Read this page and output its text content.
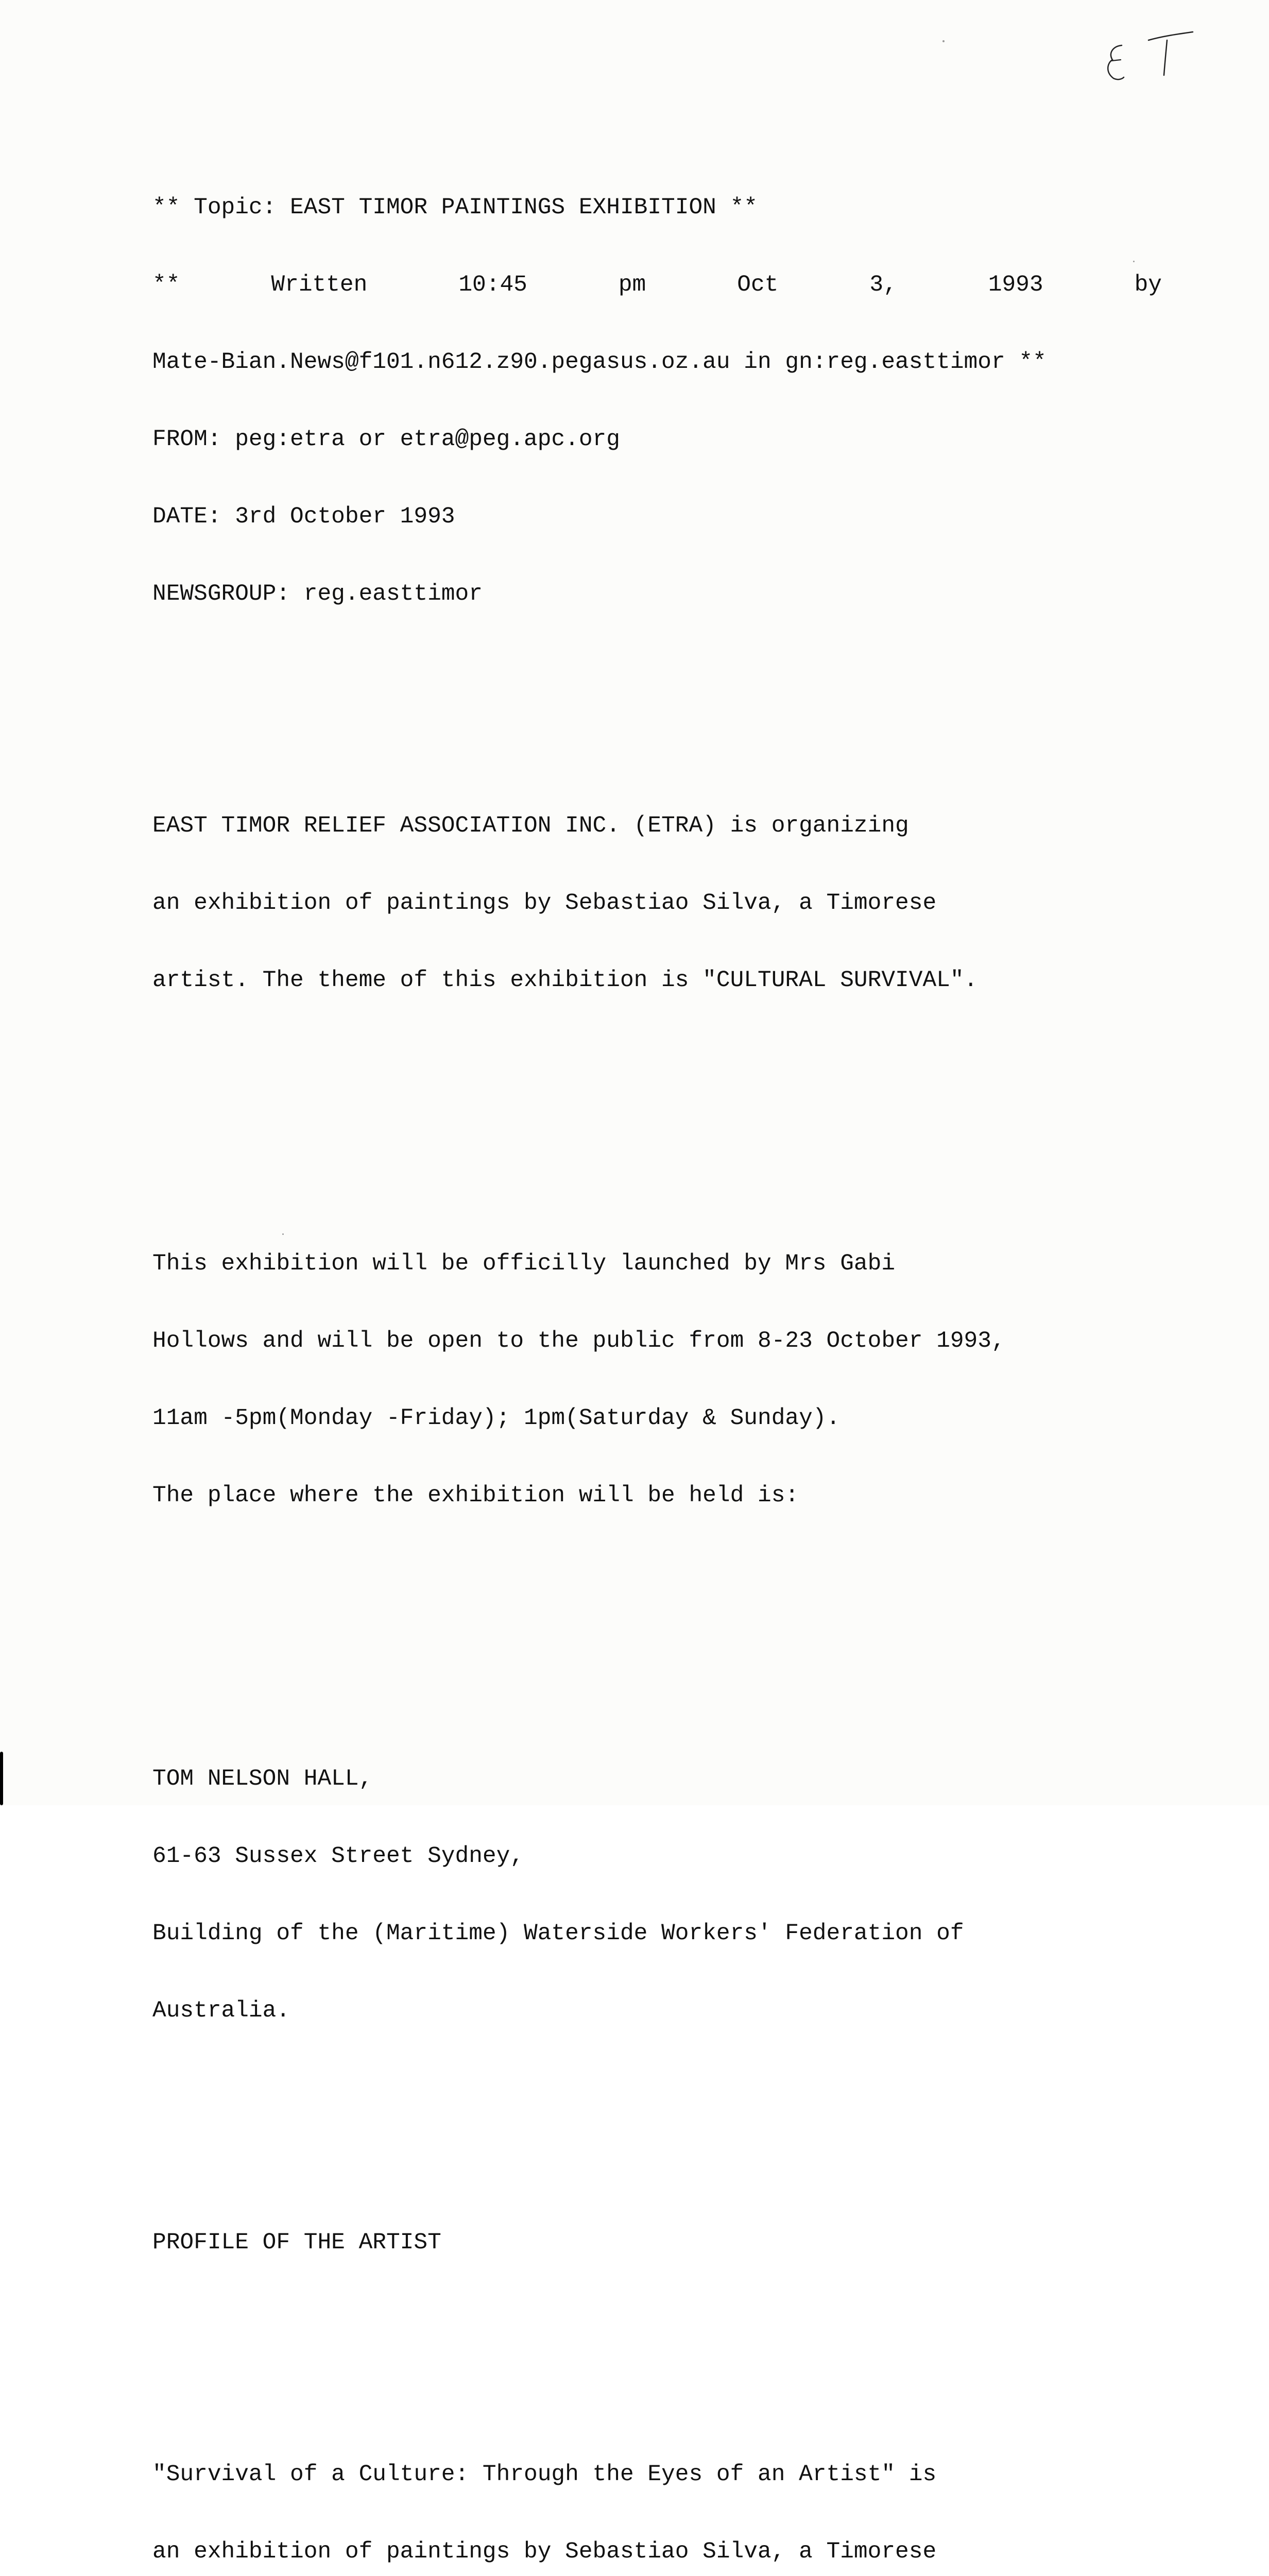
** Topic: EAST TIMOR PAINTINGS EXHIBITION **

**	Written	10:45	pm	Oct	3,	1993	by

Mate-Bian.News@f101.n612.z90.pegasus.oz.au in gn:reg.easttimor **

FROM: peg:etra or etra@peg.apc.org

DATE: 3rd October 1993

NEWSGROUP: reg.easttimor

EAST TIMOR RELIEF ASSOCIATION INC. (ETRA) is organizing

an exhibition of paintings by Sebastiao Silva, a Timorese

artist. The theme of this exhibition is "CULTURAL SURVIVAL".

This exhibition will be officilly launched by Mrs Gabi

Hollows and will be open to the public from 8-23 October 1993,

11am -5pm(Monday -Friday); 1pm(Saturday & Sunday).

The place where the exhibition will be held is:

TOM NELSON HALL,

61-63 Sussex Street Sydney,

Building of the (Maritime) Waterside Workers' Federation of

Australia.

PROFILE OF THE ARTIST

"Survival of a Culture: Through the Eyes of an Artist" is

an exhibition of paintings by Sebastiao Silva, a Timorese
